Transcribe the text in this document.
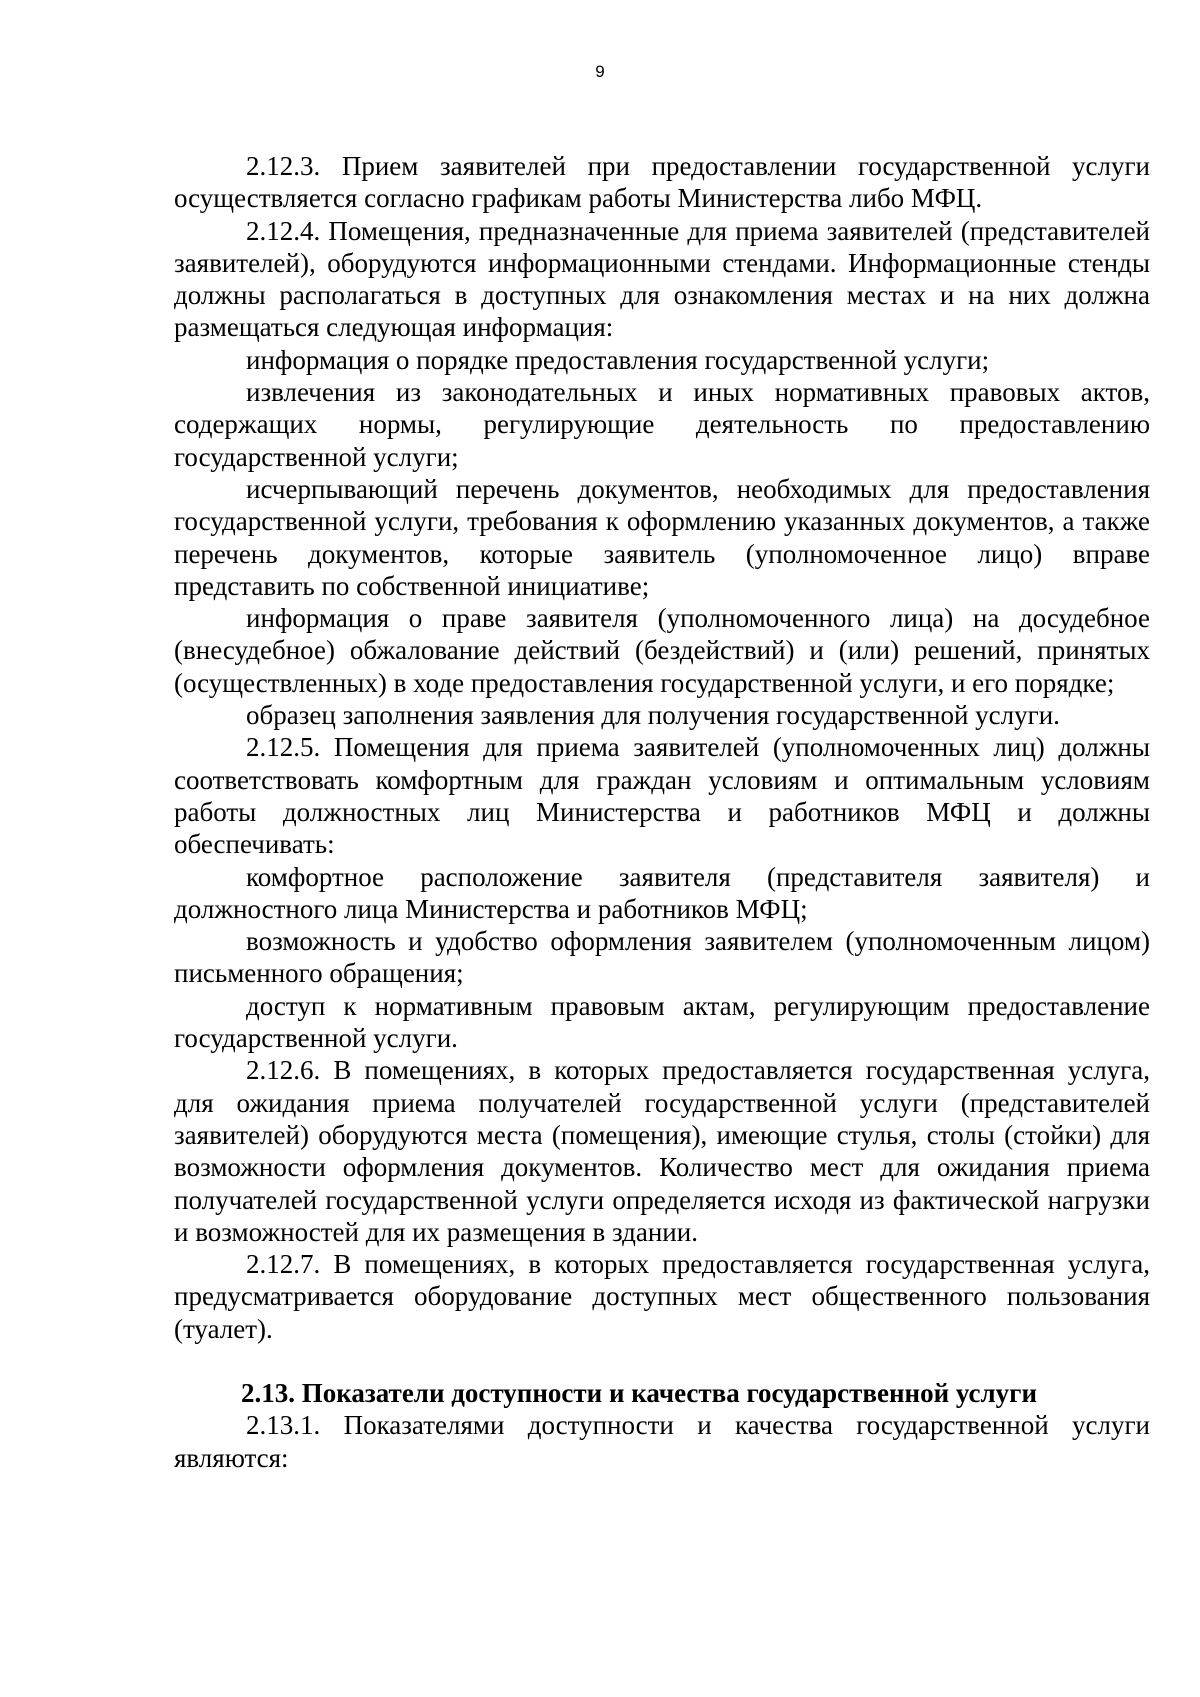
9

2.12.3. Прием заявителей при предоставлении государственной услуги осуществляется согласно графикам работы Министерства либо МФЦ.

2.12.4. Помещения, предназначенные для приема заявителей (представителей заявителей), оборудуются информационными стендами. Информационные стенды должны располагаться в доступных для ознакомления местах и на них должна размещаться следующая информация:

информация о порядке предоставления государственной услуги;

извлечения из законодательных и иных нормативных правовых актов, содержащих нормы, регулирующие деятельность по предоставлению государственной услуги;

исчерпывающий перечень документов, необходимых для предоставления государственной услуги, требования к оформлению указанных документов, а также перечень документов, которые заявитель (уполномоченное лицо) вправе представить по собственной инициативе;

информация о праве заявителя (уполномоченного лица) на досудебное (внесудебное) обжалование действий (бездействий) и (или) решений, принятых (осуществленных) в ходе предоставления государственной услуги, и его порядке;

образец заполнения заявления для получения государственной услуги.

2.12.5. Помещения для приема заявителей (уполномоченных лиц) должны соответствовать комфортным для граждан условиям и оптимальным условиям работы должностных лиц Министерства и работников МФЦ и должны обеспечивать:

комфортное расположение заявителя (представителя заявителя) и должностного лица Министерства и работников МФЦ;

возможность и удобство оформления заявителем (уполномоченным лицом) письменного обращения;

доступ к нормативным правовым актам, регулирующим предоставление государственной услуги.

2.12.6. В помещениях, в которых предоставляется государственная услуга, для ожидания приема получателей государственной услуги (представителей заявителей) оборудуются места (помещения), имеющие стулья, столы (стойки) для возможности оформления документов. Количество мест для ожидания приема получателей государственной услуги определяется исходя из фактической нагрузки и возможностей для их размещения в здании.

2.12.7. В помещениях, в которых предоставляется государственная услуга, предусматривается оборудование доступных мест общественного пользования (туалет).

2.13. Показатели доступности и качества государственной услуги

2.13.1. Показателями доступности и качества государственной услуги являются:
